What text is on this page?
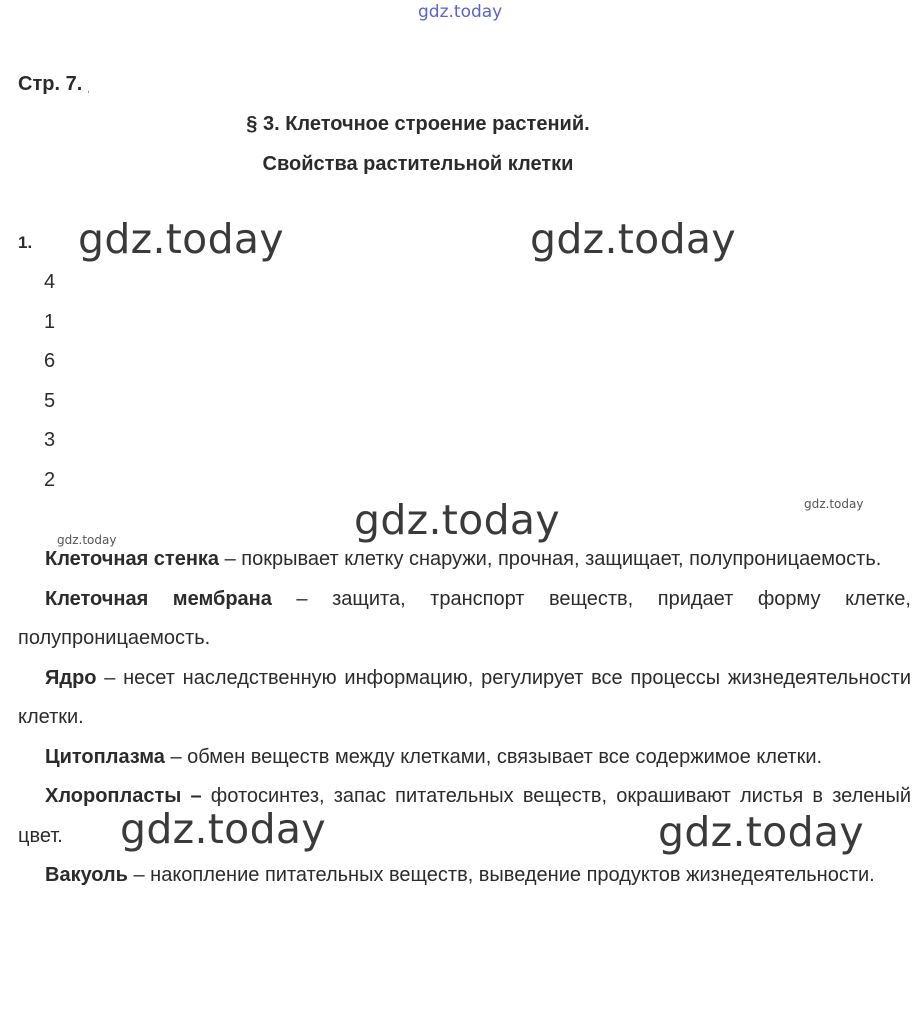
gdz.today
Стр. 7. ˌ
§ 3. Клеточное строение растений.
Свойства растительной клетки
1.
4
1
6
5
3
2

Клеточная стенка – покрывает клетку снаружи, прочная, защищает, полупроницаемость.

Клеточная мембрана – защита, транспорт веществ, придает форму клетке, полупроницаемость.

Ядро – несет наследственную информацию, регулирует все процессы жизнедеятельности клетки.

Цитоплазма – обмен веществ между клетками, связывает все содержимое клетки.

Хлоропласты – фотосинтез, запас питательных веществ, окрашивают листья в зеленый цвет.

Вакуоль – накопление питательных веществ, выведение продуктов жизнедеятельности.

gdz.today	gdz.today
gdz.today
gdz.today	gdz.today
gdz.today
gdz.today
